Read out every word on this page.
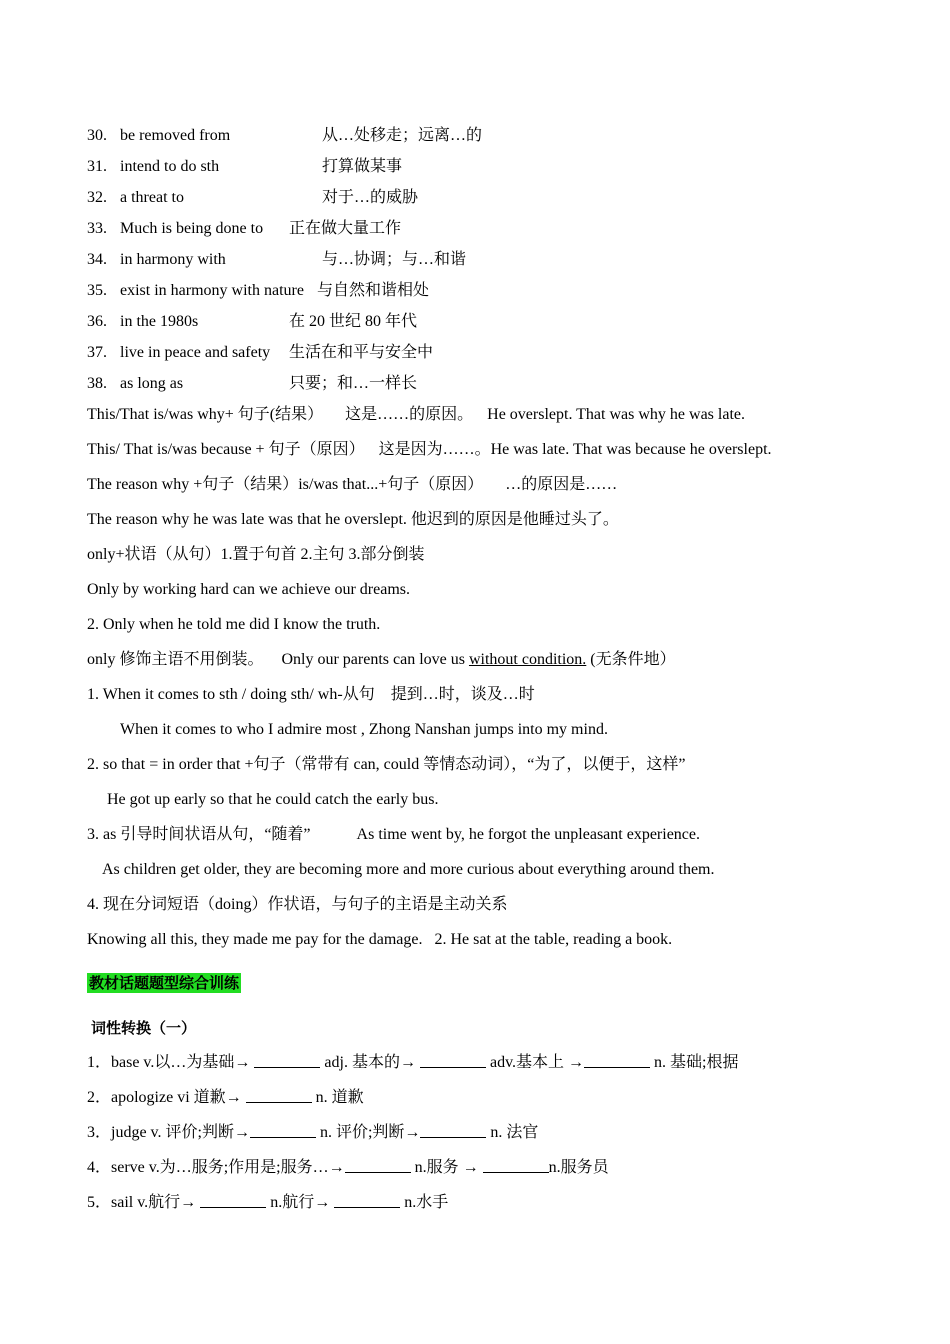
30. be removed from	从…处移走；远离…的
31. intend to do sth	打算做某事
32. a threat to	对于…的威胁
33. Much is being done to 正在做大量工作
34. in harmony with	与…协调；与…和谐
35. exist in harmony with nature 与自然和谐相处
36. in the 1980s	在 20 世纪 80 年代
37. live in peace and safety 生活在和平与安全中
38. as long as	只要；和…一样长
This/That is/was why+ 句子(结果） 这是……的原因。 He overslept. That was why he was late.
This/ That is/was because + 句子（原因） 这是因为……。He was late. That was because he overslept.
The reason why +句子（结果）is/was that...+句子（原因） …的原因是……
The reason why he was late was that he overslept. 他迟到的原因是他睡过头了。
only+状语（从句）1.置于句首 2.主句 3.部分倒装
Only by working hard can we achieve our dreams.
2. Only when he told me did I know the truth.
only 修饰主语不用倒装。 Only our parents can love us without condition. (无条件地）
1. When it comes to sth / doing sth/ wh-从句 提到…时，谈及…时
When it comes to who I admire most , Zhong Nanshan jumps into my mind.
2. so that = in order that +句子（常带有 can, could 等情态动词），“为了，以便于，这样”
He got up early so that he could catch the early bus.
3. as 引导时间状语从句，“随着”	As time went by, he forgot the unpleasant experience.
As children get older, they are becoming more and more curious about everything around them.
4. 现在分词短语（doing）作状语，与句子的主语是主动关系
Knowing all this, they made me pay for the damage. 2. He sat at the table, reading a book.
教材话题题型综合训练
词性转换（一）
1．base v.以…为基础→	adj. 基本的→	adv.基本上 →	n. 基础;根据
2．apologize vi 道歉→	n. 道歉
3．judge v. 评价;判断→	n. 评价;判断→	n. 法官
4．serve v.为…服务;作用是;服务…→	n.服务 →	n.服务员
5．sail v.航行→	n.航行→	n.水手
